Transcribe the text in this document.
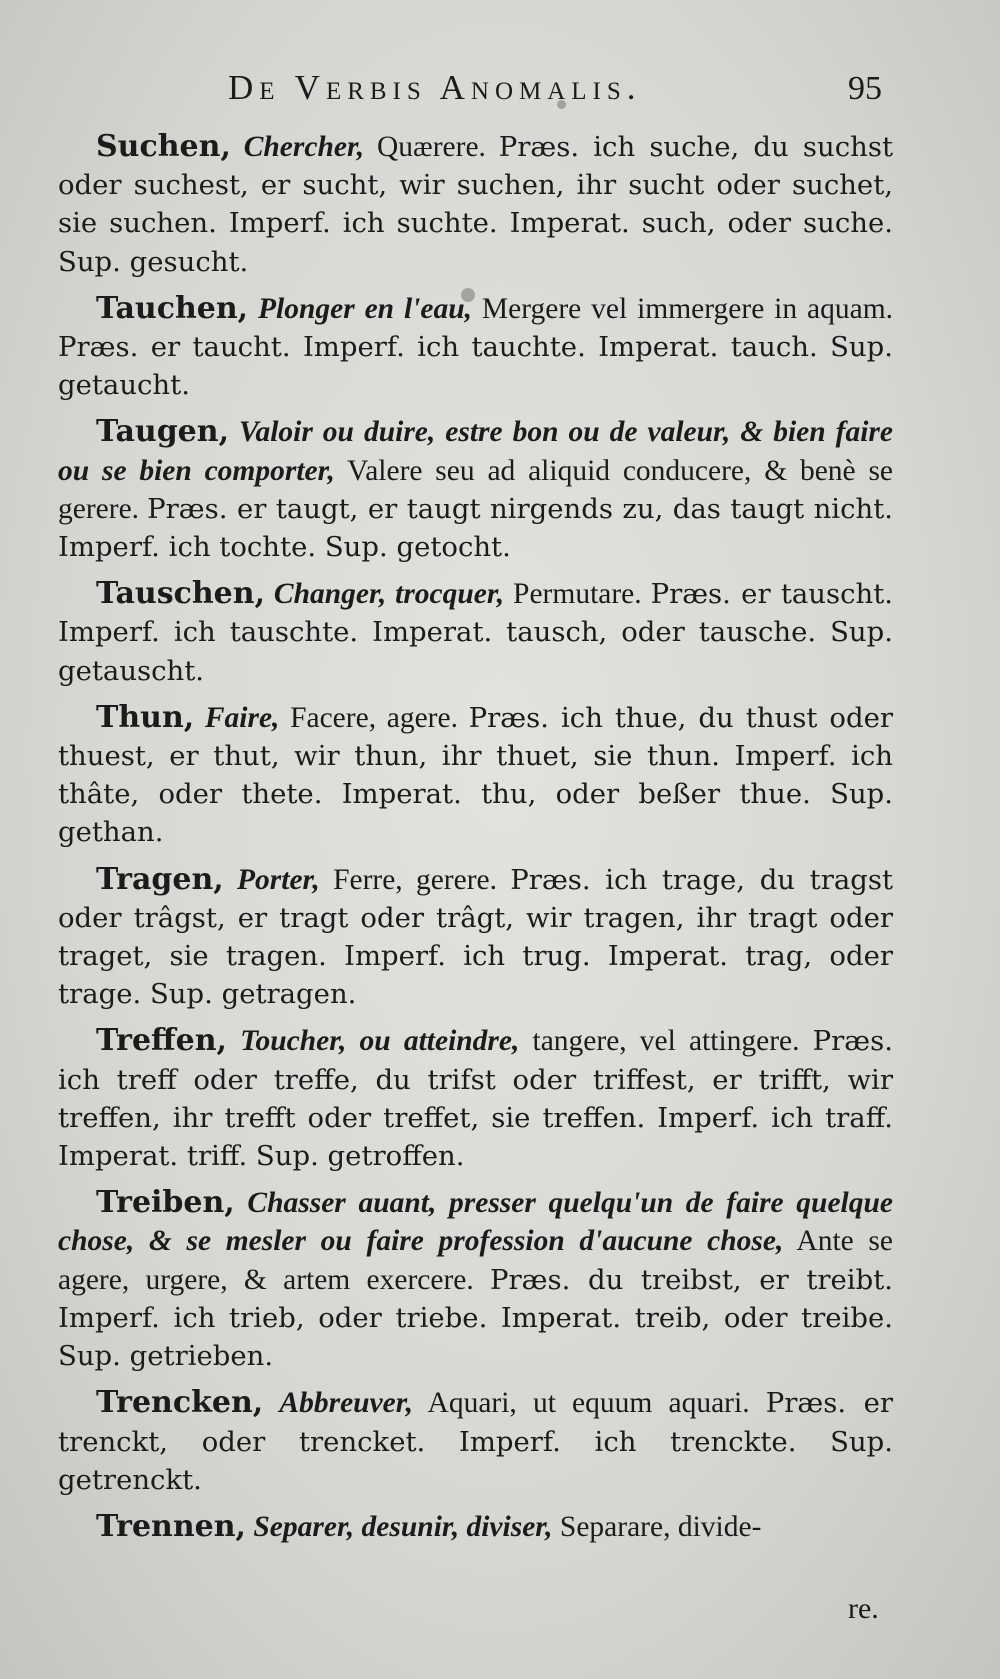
De Verbis Anomalis.	95

Suchen, Chercher, Quærere. Præs. ich suche, du suchst oder suchest, er sucht, wir suchen, ihr sucht oder suchet, sie suchen. Imperf. ich suchte. Imperat. such, oder suche. Sup. gesucht.

Tauchen, Plonger en l'eau, Mergere vel immergere in aquam. Præs. er taucht. Imperf. ich tauchte. Imperat. tauch. Sup. getaucht.

Taugen, Valoir ou duire, estre bon ou de valeur, & bien faire ou se bien comporter, Valere seu ad aliquid conducere, & benè se gerere. Præs. er taugt, er taugt nirgends zu, das taugt nicht. Imperf. ich tochte. Sup. getocht.

Tauschen, Changer, trocquer, Permutare. Præs. er tauscht. Imperf. ich tauschte. Imperat. tausch, oder tausche. Sup. getauscht.

Thun, Faire, Facere, agere. Præs. ich thue, du thust oder thuest, er thut, wir thun, ihr thuet, sie thun. Imperf. ich thâte, oder thete. Imperat. thu, oder beßer thue. Sup. gethan.

Tragen, Porter, Ferre, gerere. Præs. ich trage, du tragst oder trâgst, er tragt oder trâgt, wir tragen, ihr tragt oder traget, sie tragen. Imperf. ich trug. Imperat. trag, oder trage. Sup. getragen.

Treffen, Toucher, ou atteindre, tangere, vel attingere. Præs. ich treff oder treffe, du trifst oder triffest, er trifft, wir treffen, ihr trefft oder treffet, sie treffen. Imperf. ich traff. Imperat. triff. Sup. getroffen.

Treiben, Chasser auant, presser quelqu'un de faire quelque chose, & se mesler ou faire profession d'aucune chose, Ante se agere, urgere, & artem exercere. Præs. du treibst, er treibt. Imperf. ich trieb, oder triebe. Imperat. treib, oder treibe. Sup. getrieben.

Trencken, Abbreuver, Aquari, ut equum aquari. Præs. er trenckt, oder trencket. Imperf. ich trenckte. Sup. getrenckt.

Trennen, Separer, desunir, diviser, Separare, divide-

re.
